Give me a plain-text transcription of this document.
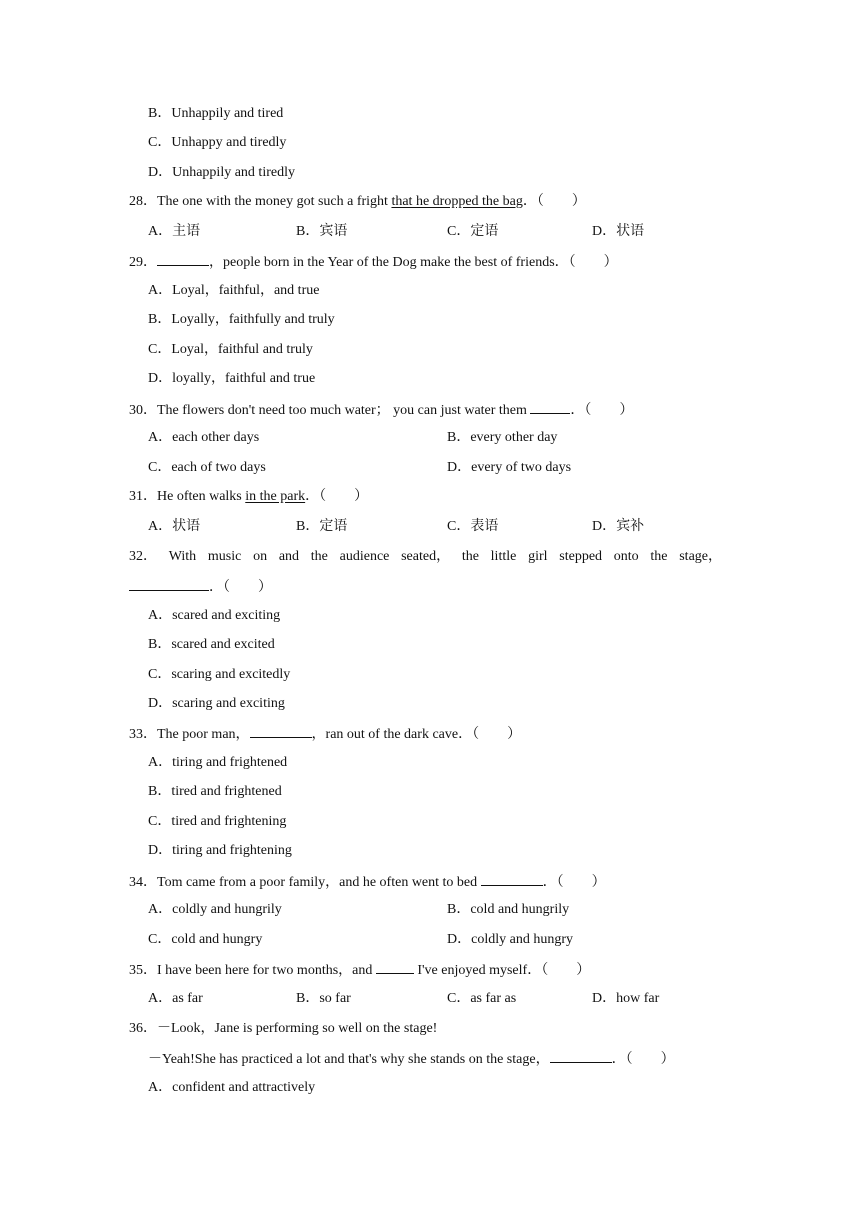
B．Unhappily and tired
C．Unhappy and tiredly
D．Unhappily and tiredly
28．The one with the money got such a fright that he dropped the bag．（　　）
A．主语	B．宾语	C．定语	D．状语
29．	，people born in the Year of the Dog make the best of friends．（　　）
A．Loyal，faithful，and true
B．Loyally，faithfully and truly
C．Loyal，faithful and truly
D．loyally，faithful and true
30．The flowers don't need too much water； you can just water them	．（　　）
A．each other days	B．every other day
C．each of two days	D．every of two days
31．He often walks in the park．（　　）
A．状语	B．定语	C．表语	D．宾补
32． With music on and the audience seated， the little girl stepped onto the stage，
．（　　）
A．scared and exciting
B．scared and excited
C．scaring and excitedly
D．scaring and exciting
33．The poor man，	，ran out of the dark cave．（　　）
A．tiring and frightened
B．tired and frightened
C．tired and frightening
D．tiring and frightening
34．Tom came from a poor family，and he often went to bed	．（　　）
A．coldly and hungrily	B．cold and hungrily
C．cold and hungry	D．coldly and hungry
35．I have been here for two months，and	I've enjoyed myself．（　　）
A．as far	B．so far	C．as far as	D．how far
36．－Look，Jane is performing so well on the stage!
－Yeah!She has practiced a lot and that's why she stands on the stage，	．（　　）
A．confident and attractively
